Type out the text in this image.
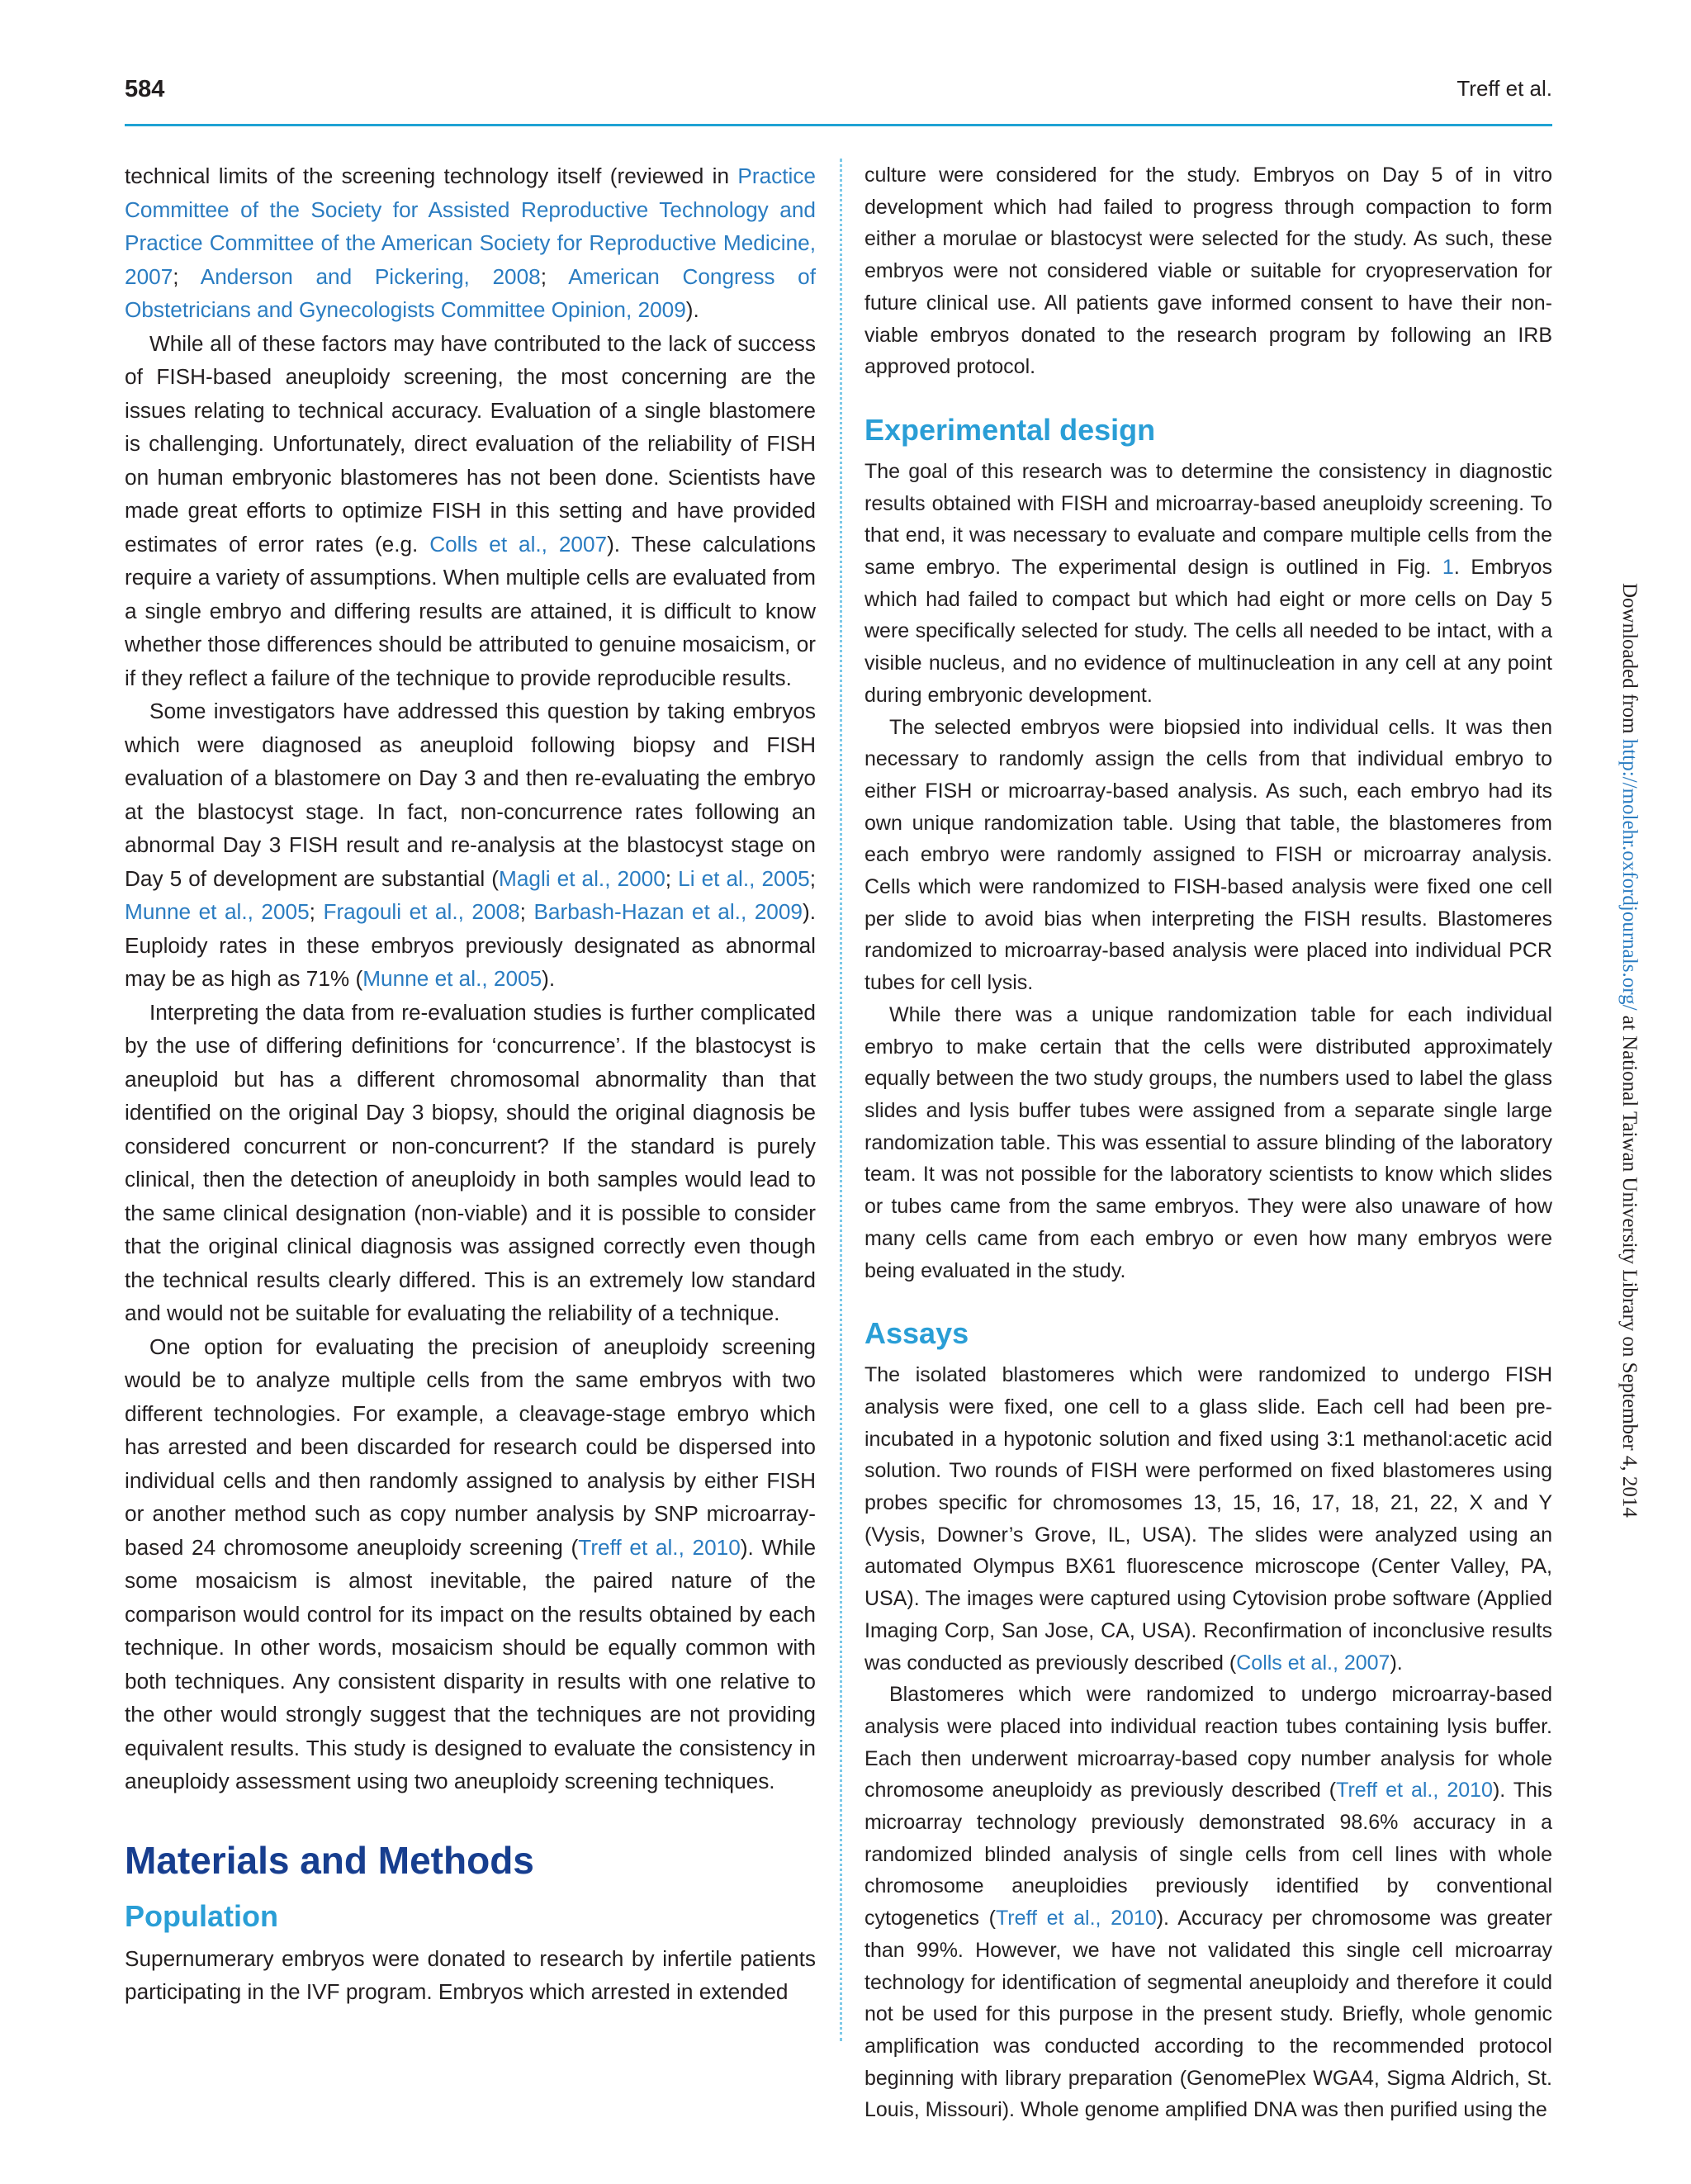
584	Treff et al.

technical limits of the screening technology itself (reviewed in Practice Committee of the Society for Assisted Reproductive Technology and Practice Committee of the American Society for Reproductive Medicine, 2007; Anderson and Pickering, 2008; American Congress of Obstetricians and Gynecologists Committee Opinion, 2009).

While all of these factors may have contributed to the lack of success of FISH-based aneuploidy screening, the most concerning are the issues relating to technical accuracy. Evaluation of a single blastomere is challenging. Unfortunately, direct evaluation of the reliability of FISH on human embryonic blastomeres has not been done. Scientists have made great efforts to optimize FISH in this setting and have provided estimates of error rates (e.g. Colls et al., 2007). These calculations require a variety of assumptions. When multiple cells are evaluated from a single embryo and differing results are attained, it is difficult to know whether those differences should be attributed to genuine mosaicism, or if they reflect a failure of the technique to provide reproducible results.

Some investigators have addressed this question by taking embryos which were diagnosed as aneuploid following biopsy and FISH evaluation of a blastomere on Day 3 and then re-evaluating the embryo at the blastocyst stage. In fact, non-concurrence rates following an abnormal Day 3 FISH result and re-analysis at the blastocyst stage on Day 5 of development are substantial (Magli et al., 2000; Li et al., 2005; Munne et al., 2005; Fragouli et al., 2008; Barbash-Hazan et al., 2009). Euploidy rates in these embryos previously designated as abnormal may be as high as 71% (Munne et al., 2005).

Interpreting the data from re-evaluation studies is further complicated by the use of differing definitions for ‘concurrence’. If the blastocyst is aneuploid but has a different chromosomal abnormality than that identified on the original Day 3 biopsy, should the original diagnosis be considered concurrent or non-concurrent? If the standard is purely clinical, then the detection of aneuploidy in both samples would lead to the same clinical designation (non-viable) and it is possible to consider that the original clinical diagnosis was assigned correctly even though the technical results clearly differed. This is an extremely low standard and would not be suitable for evaluating the reliability of a technique.

One option for evaluating the precision of aneuploidy screening would be to analyze multiple cells from the same embryos with two different technologies. For example, a cleavage-stage embryo which has arrested and been discarded for research could be dispersed into individual cells and then randomly assigned to analysis by either FISH or another method such as copy number analysis by SNP microarray-based 24 chromosome aneuploidy screening (Treff et al., 2010). While some mosaicism is almost inevitable, the paired nature of the comparison would control for its impact on the results obtained by each technique. In other words, mosaicism should be equally common with both techniques. Any consistent disparity in results with one relative to the other would strongly suggest that the techniques are not providing equivalent results. This study is designed to evaluate the consistency in aneuploidy assessment using two aneuploidy screening techniques.

Materials and Methods
Population

Supernumerary embryos were donated to research by infertile patients participating in the IVF program. Embryos which arrested in extended

culture were considered for the study. Embryos on Day 5 of in vitro development which had failed to progress through compaction to form either a morulae or blastocyst were selected for the study. As such, these embryos were not considered viable or suitable for cryopreservation for future clinical use. All patients gave informed consent to have their non-viable embryos donated to the research program by following an IRB approved protocol.

Experimental design

The goal of this research was to determine the consistency in diagnostic results obtained with FISH and microarray-based aneuploidy screening. To that end, it was necessary to evaluate and compare multiple cells from the same embryo. The experimental design is outlined in Fig. 1. Embryos which had failed to compact but which had eight or more cells on Day 5 were specifically selected for study. The cells all needed to be intact, with a visible nucleus, and no evidence of multinucleation in any cell at any point during embryonic development.

The selected embryos were biopsied into individual cells. It was then necessary to randomly assign the cells from that individual embryo to either FISH or microarray-based analysis. As such, each embryo had its own unique randomization table. Using that table, the blastomeres from each embryo were randomly assigned to FISH or microarray analysis. Cells which were randomized to FISH-based analysis were fixed one cell per slide to avoid bias when interpreting the FISH results. Blastomeres randomized to microarray-based analysis were placed into individual PCR tubes for cell lysis.

While there was a unique randomization table for each individual embryo to make certain that the cells were distributed approximately equally between the two study groups, the numbers used to label the glass slides and lysis buffer tubes were assigned from a separate single large randomization table. This was essential to assure blinding of the laboratory team. It was not possible for the laboratory scientists to know which slides or tubes came from the same embryos. They were also unaware of how many cells came from each embryo or even how many embryos were being evaluated in the study.

Assays

The isolated blastomeres which were randomized to undergo FISH analysis were fixed, one cell to a glass slide. Each cell had been pre-incubated in a hypotonic solution and fixed using 3:1 methanol:acetic acid solution. Two rounds of FISH were performed on fixed blastomeres using probes specific for chromosomes 13, 15, 16, 17, 18, 21, 22, X and Y (Vysis, Downer’s Grove, IL, USA). The slides were analyzed using an automated Olympus BX61 fluorescence microscope (Center Valley, PA, USA). The images were captured using Cytovision probe software (Applied Imaging Corp, San Jose, CA, USA). Reconfirmation of inconclusive results was conducted as previously described (Colls et al., 2007).

Blastomeres which were randomized to undergo microarray-based analysis were placed into individual reaction tubes containing lysis buffer. Each then underwent microarray-based copy number analysis for whole chromosome aneuploidy as previously described (Treff et al., 2010). This microarray technology previously demonstrated 98.6% accuracy in a randomized blinded analysis of single cells from cell lines with whole chromosome aneuploidies previously identified by conventional cytogenetics (Treff et al., 2010). Accuracy per chromosome was greater than 99%. However, we have not validated this single cell microarray technology for identification of segmental aneuploidy and therefore it could not be used for this purpose in the present study. Briefly, whole genomic amplification was conducted according to the recommended protocol beginning with library preparation (GenomePlex WGA4, Sigma Aldrich, St. Louis, Missouri). Whole genome amplified DNA was then purified using the

Downloaded from http://molehr.oxfordjournals.org/ at National Taiwan University Library on September 4, 2014
